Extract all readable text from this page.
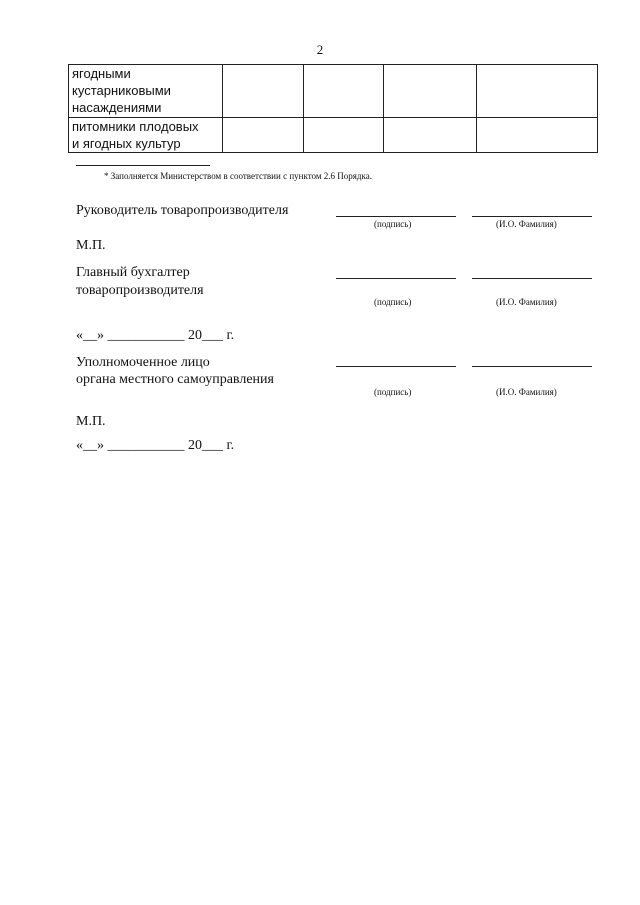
2
ягодными
кустарниковыми
насаждениями				

питомники плодовых
и ягодных культур				

* Заполняется Министерством в соответствии с пунктом 2.6 Порядка.
Руководитель товаропроизводителя
(подпись)	(И.О. Фамилия)
М.П.
Главный бухгалтер
товаропроизводителя
(подпись)	(И.О. Фамилия)
«__» ___________ 20___ г.
Уполномоченное лицо
органа местного самоуправления
(подпись)	(И.О. Фамилия)
М.П.
«__» ___________ 20___ г.
